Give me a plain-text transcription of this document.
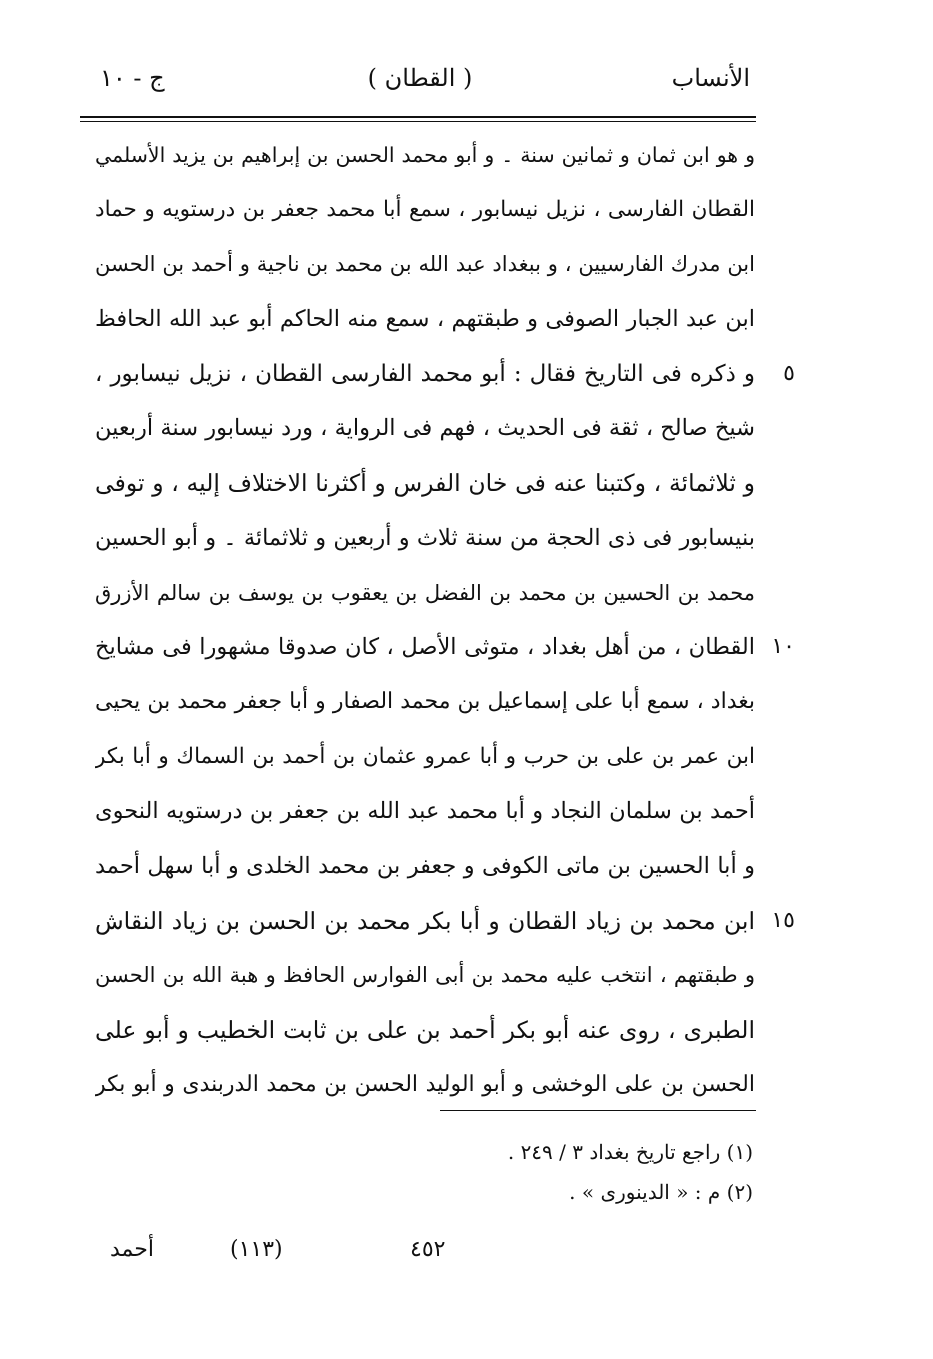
الأنساب
( القطان )
ج - ١٠
و هو ابن ثمان و ثمانين سنة ۔ و أبو محمد الحسن بن إبراهيم بن يزيد الأسلمي
القطان الفارسى ، نزيل نيسابور ، سمع أبا محمد جعفر بن درستويه و حماد
ابن مدرك الفارسيين ، و ببغداد عبد الله بن محمد بن ناجية و أحمد بن الحسن
ابن عبد الجبار الصوفى و طبقتهم ، سمع منه الحاكم أبو عبد الله الحافظ
و ذكره فى التاريخ فقال : أبو محمد الفارسى القطان ، نزيل نيسابور ، ٥
شيخ صالح ، ثقة فى الحديث ، فهم فى الرواية ، ورد نيسابور سنة أربعين
و ثلاثمائة ، وكتبنا عنه فى خان الفرس و أكثرنا الاختلاف إليه ، و توفى
بنيسابور فى ذى الحجة من سنة ثلاث و أربعين و ثلاثمائة ۔ و أبو الحسين
محمد بن الحسين بن محمد بن الفضل بن يعقوب بن يوسف بن سالم الأزرق
القطان ، من أهل بغداد ، متوثى الأصل ، كان صدوقا مشهورا فى مشايخ ١٠
بغداد ، سمع أبا على إسماعيل بن محمد الصفار و أبا جعفر محمد بن يحيى
ابن عمر بن على بن حرب و أبا عمرو عثمان بن أحمد بن السماك و أبا بكر
أحمد بن سلمان النجاد و أبا محمد عبد الله بن جعفر بن درستويه النحوى
و أبا الحسين بن ماتى الكوفى و جعفر بن محمد الخلدى و أبا سهل أحمد
ابن محمد بن زياد القطان و أبا بكر محمد بن الحسن بن زياد النقاش ١٥
و طبقتهم ، انتخب عليه محمد بن أبى الفوارس الحافظ و هبة الله بن الحسن
الطبرى ، روى عنه أبو بكر أحمد بن على بن ثابت الخطيب و أبو على
الحسن بن على الوخشى و أبو الوليد الحسن بن محمد الدربندى و أبو بكر
(١) راجع تاريخ بغداد ٣ / ٢٤٩ .
(٢) م : « الدينورى » .
أحمد	(١١٣)	٤٥٢
